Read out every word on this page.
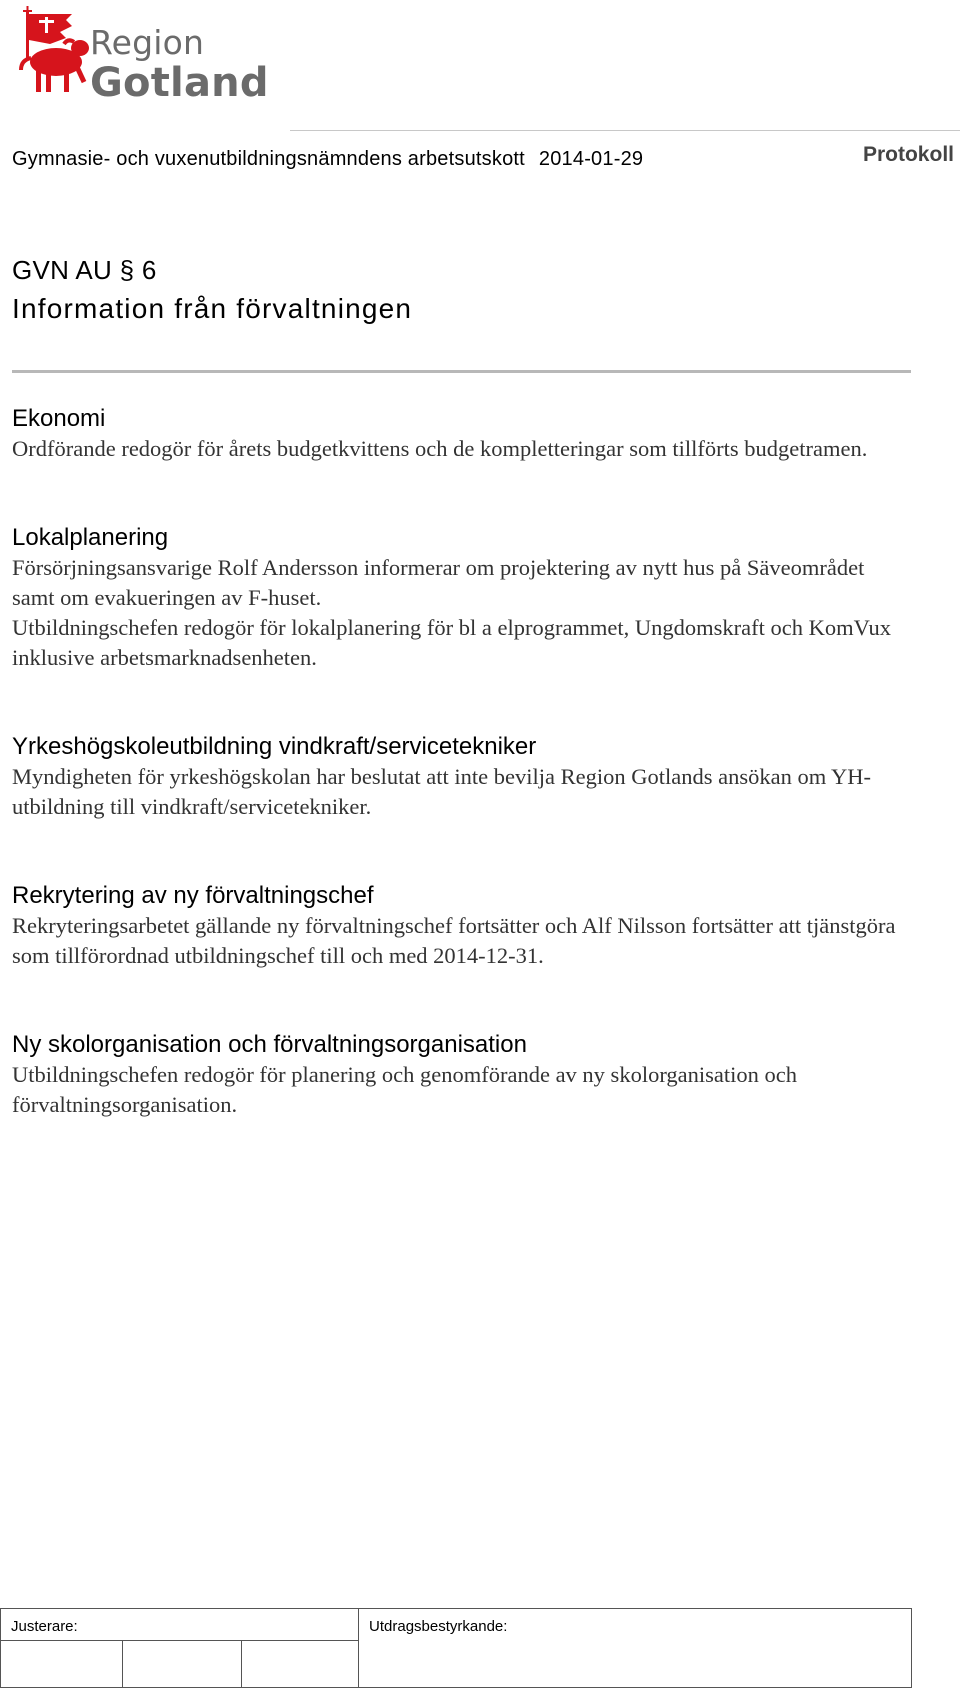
Region
Gotland
Gymnasie- och vuxenutbildningsnämndens arbetsutskott 2014-01-29	Protokoll
GVN AU § 6
Information från förvaltningen
Ekonomi

Ordförande redogör för årets budgetkvittens och de kompletteringar som tillförts budgetramen.

Lokalplanering

Försörjningsansvarige Rolf Andersson informerar om projektering av nytt hus på Säveområdet samt om evakueringen av F-huset.

Utbildningschefen redogör för lokalplanering för bl a elprogrammet, Ungdomskraft och KomVux inklusive arbetsmarknadsenheten.

Yrkeshögskoleutbildning vindkraft/servicetekniker

Myndigheten för yrkeshögskolan har beslutat att inte bevilja Region Gotlands ansökan om YH-utbildning till vindkraft/servicetekniker.

Rekrytering av ny förvaltningschef

Rekryteringsarbetet gällande ny förvaltningschef fortsätter och Alf Nilsson fortsätter att tjänstgöra som tillförordnad utbildningschef till och med 2014-12-31.

Ny skolorganisation och förvaltningsorganisation

Utbildningschefen redogör för planering och genomförande av ny skolorganisation och förvaltningsorganisation.

Justerare:			Utdragsbestyrkande:
